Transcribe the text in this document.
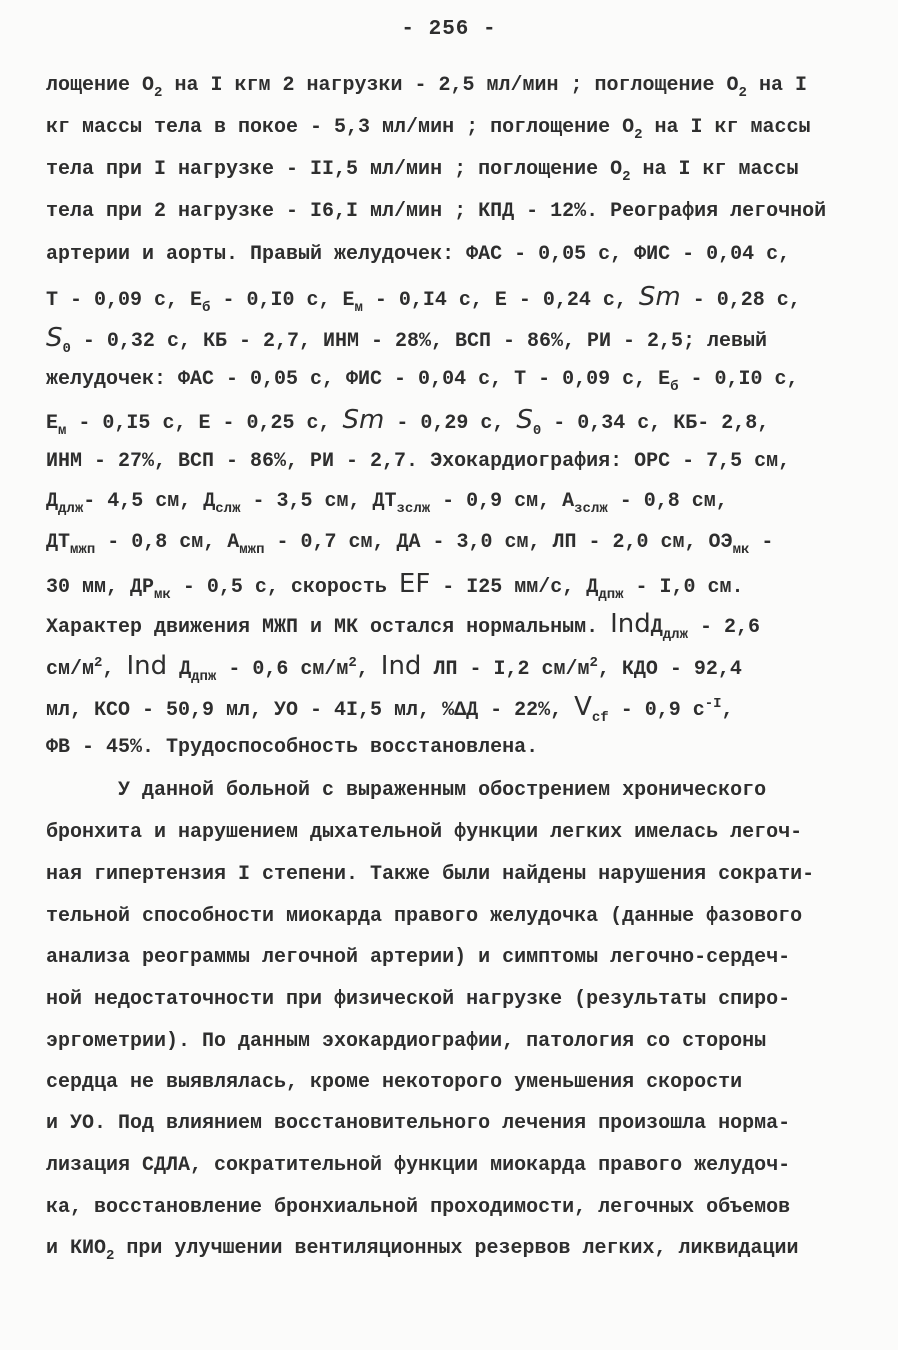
- 256 -
лощение $O_2$ на I кгм 2 нагрузки - 2,5 мл/мин ; поглощение $O_2$ на I
кг массы тела в покое - 5,3 мл/мин ; поглощение $O_2$ на I кг массы
тела при I нагрузке - II,5 мл/мин ; поглощение $O_2$ на I кг массы
тела при 2 нагрузке - I6,I мл/мин ; КПД - 12%. Реография легочной
артерии и аорты. Правый желудочек: ФАС - 0,05 с, ФИС - 0,04 с,
T - 0,09 с, $E_б - 0,I0$ с, $E_м - 0,I4$ с, E - 0,24 с, Sm - 0,28 с,
$S_0 - 0,32$ с, КБ - 2,7, ИНМ - 28%, ВСП - 86%, РИ - 2,5; левый
желудочек: ФАС - 0,05 с, ФИС - 0,04 с, T - 0,09 с, $E_б - 0,I0$ с,
$E_м - 0,I5$ с, E - 0,25 с, Sm - 0,29 с, $S_0 - 0,34$ с, КБ- 2,8,
ИНМ - 27%, ВСП - 86%, РИ - 2,7. Эхокардиография: ОРС - 7,5 см,
$Д_{длж}-$ 4,5 см, $Д_{слж} - 3,5$ см, $ДТ_{зслж} - 0,9$ см, $A_{зслж} - 0,8$ см,
$ДТ_{мжп} - 0,8$ см, $A_{мжп} - 0,7$ см, ДА - 3,0 см, ЛП - 2,0 см, $ОЭ_{мк}$ -
30 мм, $ДР_{мк} - 0,5$ с, скорость EF - I25 мм/с, $Д_{дпж} - I,0$ см.
Характер движения МЖП и МК остался нормальным. IndД$_{длж}$ - 2,6
$см/м^2$, Ind $Д_{дпж} - 0,6$ $см/м^2$, Ind ЛП - I,2 $см/м^2$, КДО - 92,4
мл, КСО - 50,9 мл, УО - 4I,5 мл, %ΔД - 22%, $V_{cf} - 0,9$ $с^{-I}$,
ФВ - 45%. Трудоспособность восстановлена.
У данной больной с выраженным обострением хронического
бронхита и нарушением дыхательной функции легких имелась легоч-
ная гипертензия I степени. Также были найдены нарушения сократи-
тельной способности миокарда правого желудочка (данные фазового
анализа реограммы легочной артерии) и симптомы легочно-сердеч-
ной недостаточности при физической нагрузке (результаты спиро-
эргометрии). По данным эхокардиографии, патология со стороны
сердца не выявлялась, кроме некоторого уменьшения скорости
и УО. Под влиянием восстановительного лечения произошла норма-
лизация СДЛА, сократительной функции миокарда правого желудоч-
ка, восстановление бронхиальной проходимости, легочных объемов
и $КИО_2$ при улучшении вентиляционных резервов легких, ликвидации
